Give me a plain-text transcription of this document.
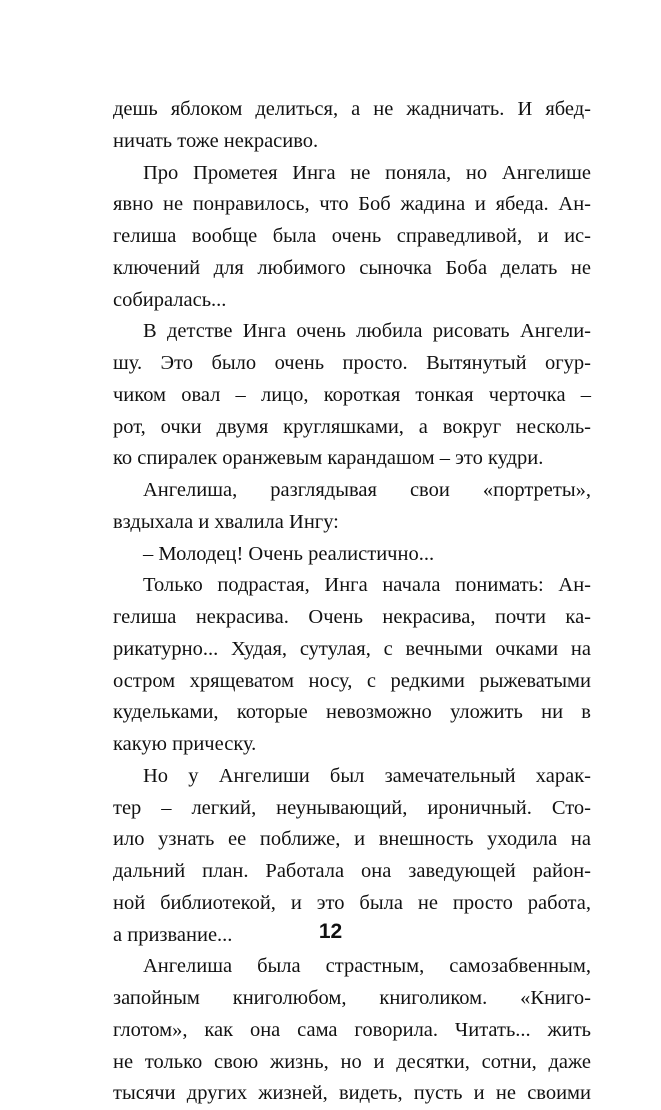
дешь яблоком делиться, а не жадничать. И ябед-
ничать тоже некрасиво.
Про Прометея Инга не поняла, но Ангелише
явно не понравилось, что Боб жадина и ябеда. Ан-
гелиша вообще была очень справедливой, и ис-
ключений для любимого сыночка Боба делать не
собиралась...
В детстве Инга очень любила рисовать Ангели-
шу. Это было очень просто. Вытянутый огур-
чиком овал – лицо, короткая тонкая черточка –
рот, очки двумя кругляшками, а вокруг несколь-
ко спиралек оранжевым карандашом – это кудри.
Ангелиша, разглядывая свои «портреты»,
вздыхала и хвалила Ингу:
– Молодец! Очень реалистично...
Только подрастая, Инга начала понимать: Ан-
гелиша некрасива. Очень некрасива, почти ка-
рикатурно... Худая, сутулая, с вечными очками на
остром хрящеватом носу, с редкими рыжеватыми
кудельками, которые невозможно уложить ни в
какую прическу.
Но у Ангелиши был замечательный харак-
тер – легкий, неунывающий, ироничный. Сто-
ило узнать ее поближе, и внешность уходила на
дальний план. Работала она заведующей район-
ной библиотекой, и это была не просто работа,
а призвание...
Ангелиша была страстным, самозабвенным,
запойным книголюбом, книголиком. «Книго-
глотом», как она сама говорила. Читать... жить
не только свою жизнь, но и десятки, сотни, даже
тысячи других жизней, видеть, пусть и не своими
12
